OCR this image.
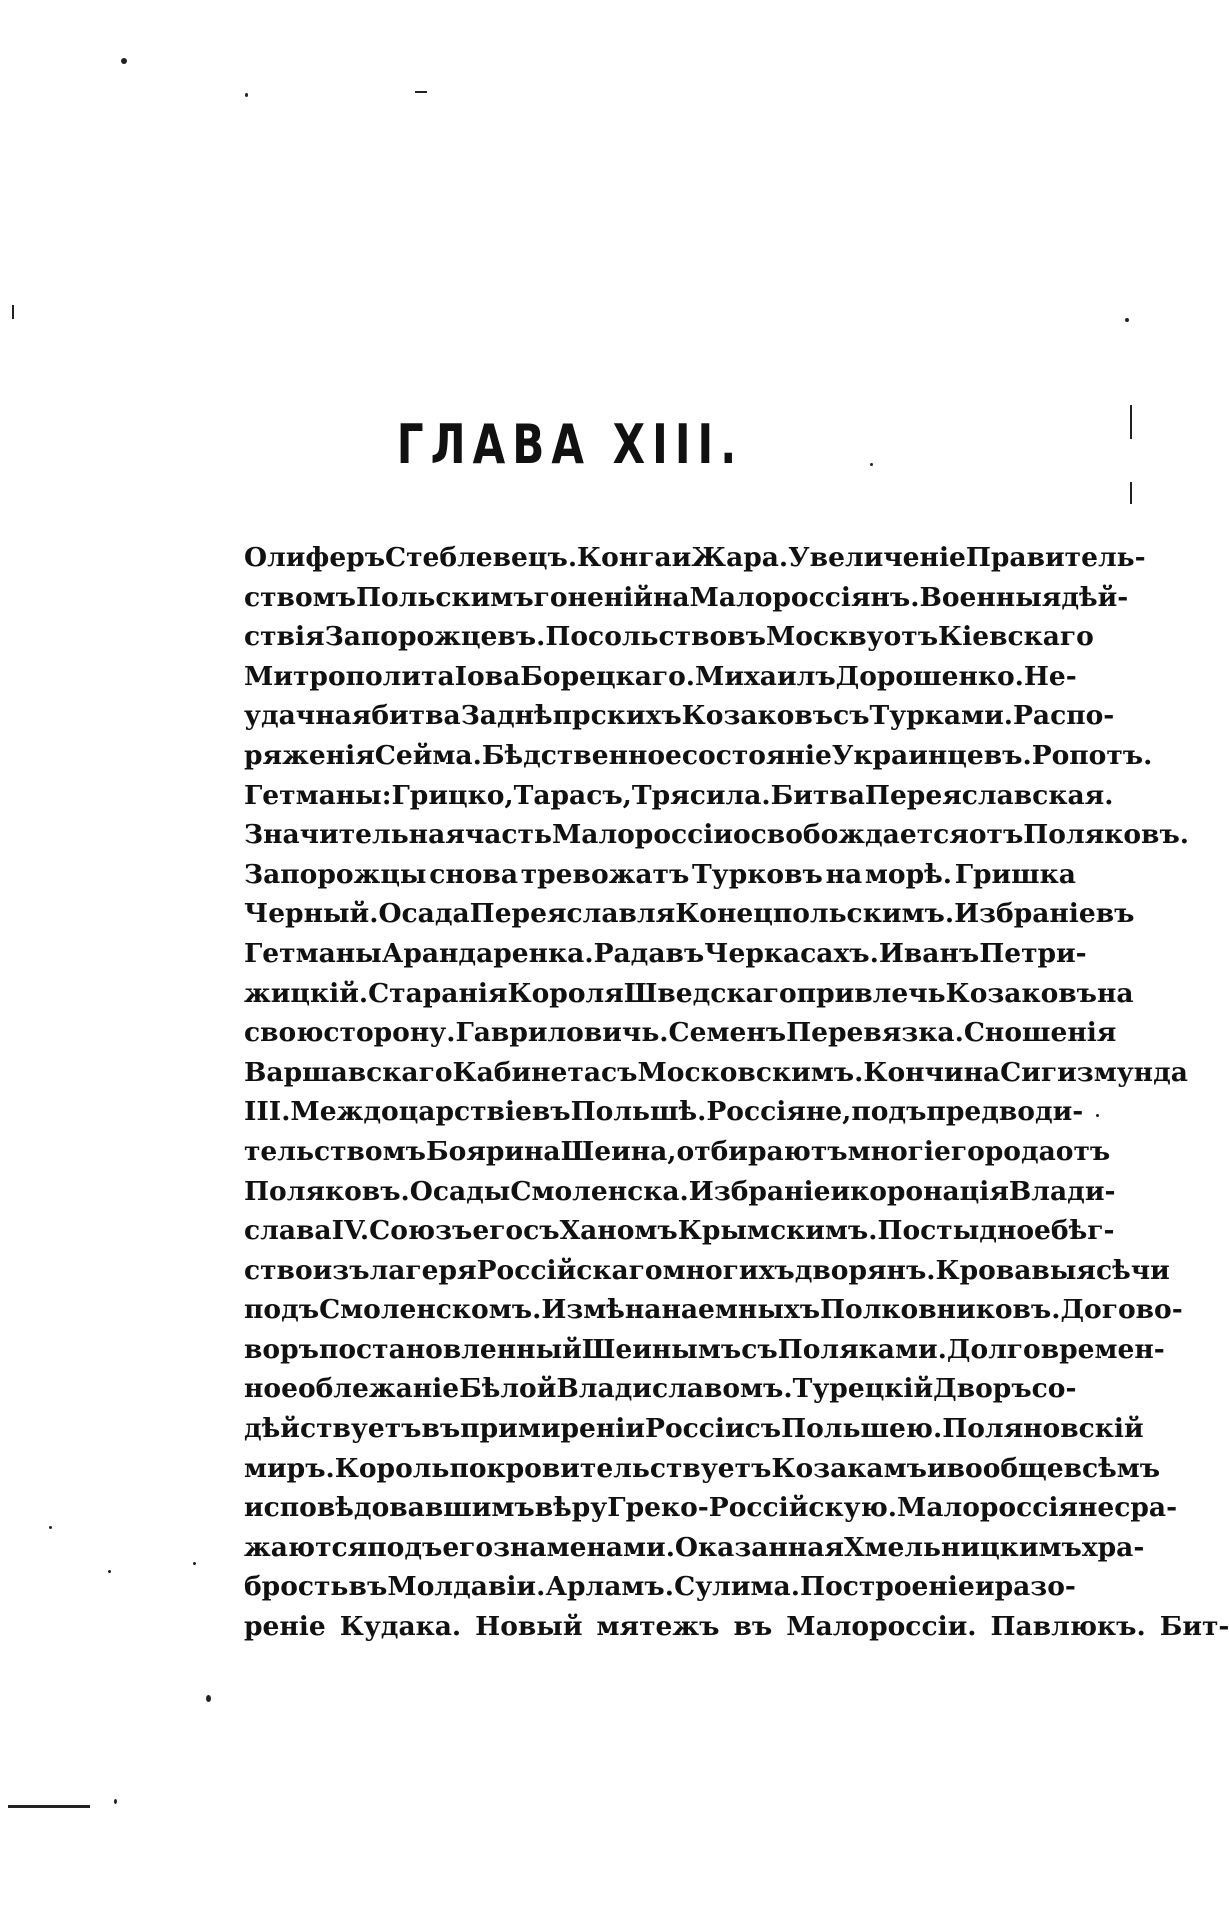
ГЛАВА XIII.
Олиферъ Стеблевецъ. Конга и Жара. Увеличеніе Правитель-
ствомъ Польскимъ гоненій на Малороссіянъ. Военныя дѣй-
ствія Запорожцевъ. Посольство въ Москву отъ Кіевскаго
Митрополита Іова Борецкаго. Михаилъ Дорошенко. Не-
удачная битва Заднѣпрскихъ Козаковъ съ Турками. Распо-
ряженія Сейма. Бѣдственное состояніе Украинцевъ. Ропотъ.
Гетманы: Грицко, Тарасъ, Трясила. Битва Переяславская.
Значительная часть Малороссіи освобождается отъ Поляковъ.
Запорожцы снова тревожатъ Турковъ на морѣ. Гришка
Черный. Осада Переяславля Конецпольскимъ. Избраніе въ
Гетманы Арандаренка. Рада въ Черкасахъ. Иванъ Петри-
жицкій. Старанія Короля Шведскаго привлечь Козаковъ на
свою сторону. Гавриловичь. Семенъ Перевязка. Сношенія
Варшавскаго Кабинета съ Московскимъ. Кончина Сигизмунда
III. Междоцарствіе въ Польшѣ. Россіяне, подъ предводи-
тельствомъ Боярина Шеина, отбираютъ многіе города отъ
Поляковъ. Осады Смоленска. Избраніе и коронація Влади-
слава IV. Союзъ его съ Ханомъ Крымскимъ. Постыдное бѣг-
ство изъ лагеря Россійскаго многихъ дворянъ. Кровавыя сѣчи
подъ Смоленскомъ. Измѣна наемныхъ Полковниковъ. Догово-
воръ постановленный Шеинымъ съ Поляками. Долговремен-
ное облежаніе Бѣлой Владиславомъ. Турецкій Дворъ со-
дѣйствуетъ въ примиреніи Россіи съ Польшею. Поляновскій
миръ. Король покровительствуетъ Козакамъ и вообще всѣмъ
исповѣдовавшимъ вѣру Греко-Россійскую. Малороссіяне сра-
жаются подъ его знаменами. Оказанная Хмельницкимъ хра-
брость въ Молдавіи. Арламъ. Сулима. Построеніе и разо-
реніе Кудака. Новый мятежъ въ Малороссіи. Павлюкъ. Бит-
